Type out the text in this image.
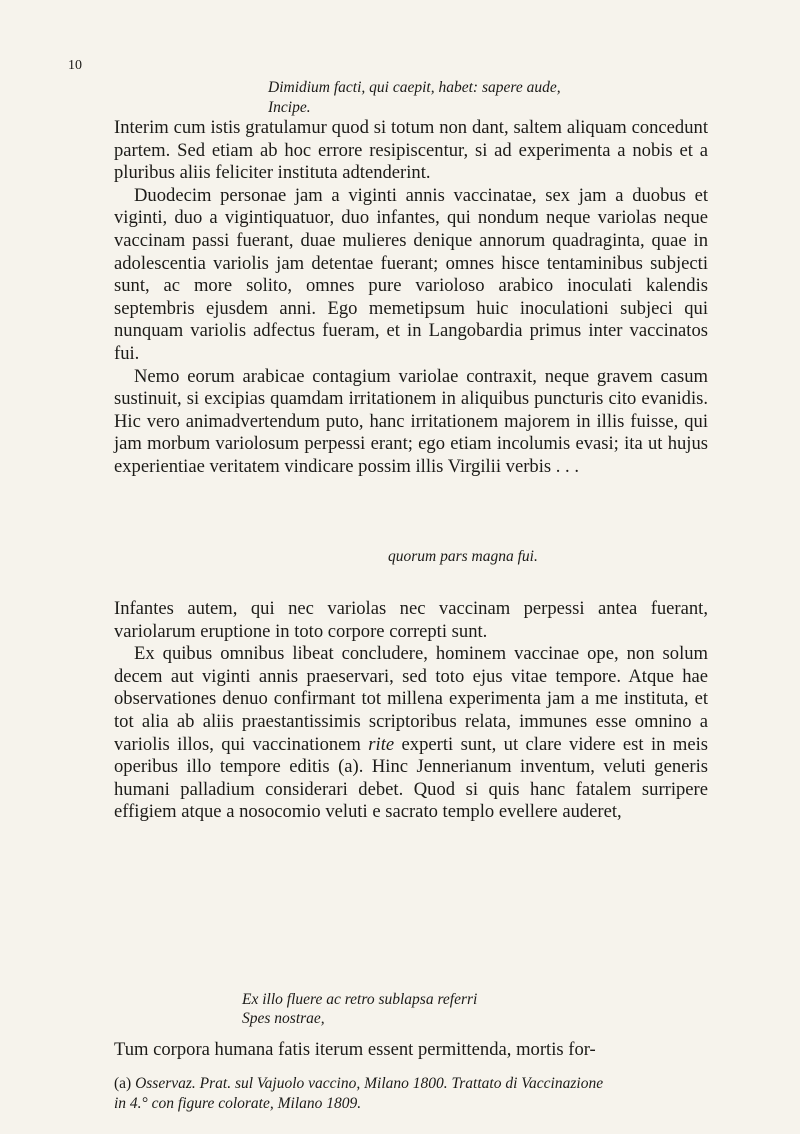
10
Dimidium facti, qui caepit, habet: sapere aude,
Incipe.

Interim cum istis gratulamur quod si totum non dant, saltem aliquam concedunt partem. Sed etiam ab hoc errore resipiscentur, si ad experimenta a nobis et a pluribus aliis feliciter instituta adtenderint.

Duodecim personae jam a viginti annis vaccinatae, sex jam a duobus et viginti, duo a vigintiquatuor, duo infantes, qui nondum neque variolas neque vaccinam passi fuerant, duae mulieres denique annorum quadraginta, quae in adolescentia variolis jam detentae fuerant; omnes hisce tentaminibus subjecti sunt, ac more solito, omnes pure varioloso arabico inoculati kalendis septembris ejusdem anni. Ego memetipsum huic inoculationi subjeci qui nunquam variolis adfectus fueram, et in Langobardia primus inter vaccinatos fui.

Nemo eorum arabicae contagium variolae contraxit, neque gravem casum sustinuit, si excipias quamdam irritationem in aliquibus puncturis cito evanidis. Hic vero animadvertendum puto, hanc irritationem majorem in illis fuisse, qui jam morbum variolosum perpessi erant; ego etiam incolumis evasi; ita ut hujus experientiae veritatem vindicare possim illis Virgilii verbis . . .

quorum pars magna fui.

Infantes autem, qui nec variolas nec vaccinam perpessi antea fuerant, variolarum eruptione in toto corpore correpti sunt.

Ex quibus omnibus libeat concludere, hominem vaccinae ope, non solum decem aut viginti annis praeservari, sed toto ejus vitae tempore. Atque hae observationes denuo confirmant tot millena experimenta jam a me instituta, et tot alia ab aliis praestantissimis scriptoribus relata, immunes esse omnino a variolis illos, qui vaccinationem rite experti sunt, ut clare videre est in meis operibus illo tempore editis (a). Hinc Jennerianum inventum, veluti generis humani palladium considerari debet. Quod si quis hanc fatalem surripere effigiem atque a nosocomio veluti e sacrato templo evellere auderet,

Ex illo fluere ac retro sublapsa referri
Spes nostrae,

Tum corpora humana fatis iterum essent permittenda, mortis for-

(a) Osservaz. Prat. sul Vajuolo vaccino, Milano 1800. Trattato di Vaccinazione
in 4.° con figure colorate, Milano 1809.
